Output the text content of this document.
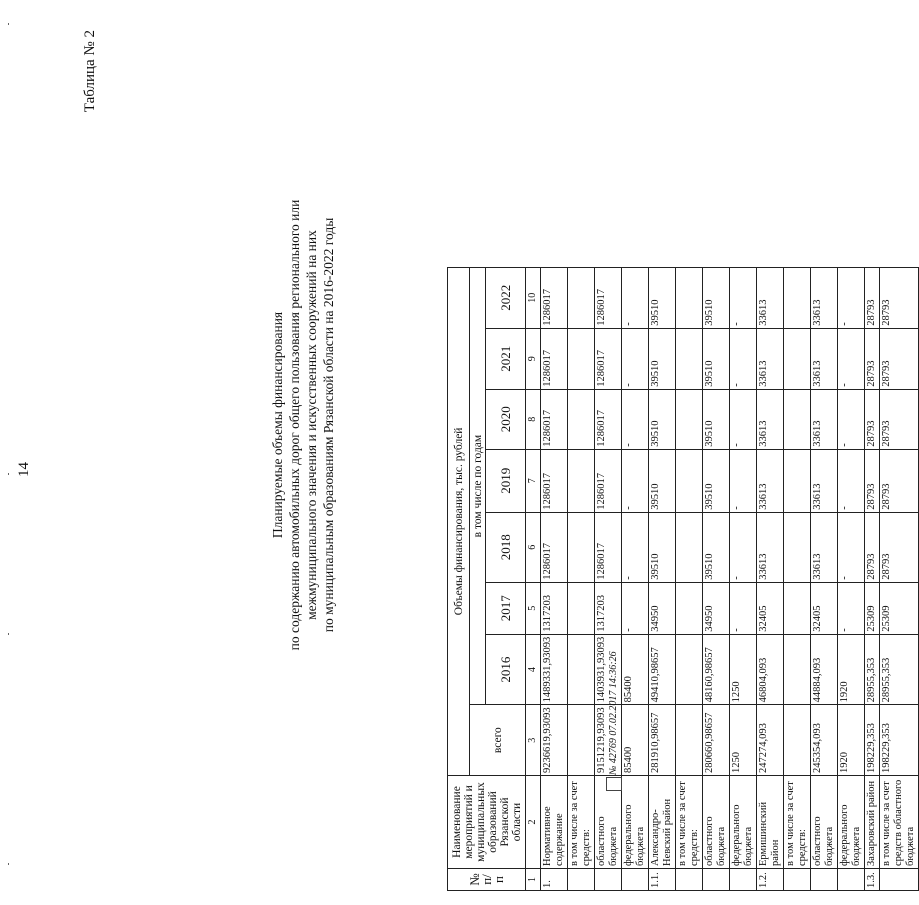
14
Таблица № 2
Планируемые объемы финансирования по содержанию автомобильных дорог общего пользования регионального или межмуниципального значения и искусственных сооружений на них по муниципальным образованиям Рязанской области на 2016-2022 годы
№ п/п	Наименование мероприятий и муниципальных образований Рязанской области	Объемы финансирования, тыс. рублей							
		всего	в том числе по годам						
			2016	2017	2018	2019	2020	2021	2022
1	2	3	4	5	6	7	8	9	10
1.	Нормативное содержание	9236619,93093	1489331,93093	1317203	1286017	1286017	1286017	1286017	1286017
	в том числе за счет средств:								
	областного бюджета	9151219,93093	1403931,93093	1317203	1286017	1286017	1286017	1286017	1286017
	федерального бюджета	85400	85400	-	-	-	-	-	-
1.1.	Александро-Невский район	281910,98657	49410,98657	34950	39510	39510	39510	39510	39510
	в том числе за счет средств:								
	областного бюджета	280660,98657	48160,98657	34950	39510	39510	39510	39510	39510
	федерального бюджета	1250	1250	-	-	-	-	-	-
1.2.	Ермишинский район	247274,093	46804,093	32405	33613	33613	33613	33613	33613
	в том числе за счет средств:								
	областного бюджета	245354,093	44884,093	32405	33613	33613	33613	33613	33613
	федерального бюджета	1920	1920	-	-	-	-	-	-
1.3.	Захаровский район	198229,353	28955,353	25309	28793	28793	28793	28793	28793
	в том числе за счет средств областного бюджета	198229,353	28955,353	25309	28793	28793	28793	28793	28793
№ 42769 07.02.2017 14:36:26
